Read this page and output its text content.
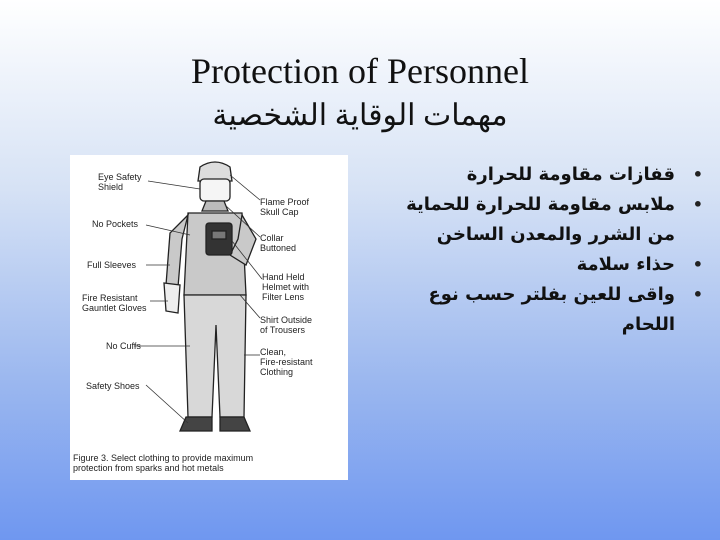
Protection of Personnel
مهمات الوقاية الشخصية
Eye Safety
Shield
No Pockets
Full Sleeves
Fire Resistant
Gauntlet Gloves
No Cuffs
Safety Shoes
Flame Proof
Skull Cap
Collar
Buttoned
Hand Held
Helmet with
Filter Lens
Shirt Outside
of Trousers
Clean,
Fire-resistant
Clothing
Figure 3. Select clothing to provide maximum
protection from sparks and hot metals
•
قفازات مقاومة للحرارة
•
ملابس مقاومة للحرارة للحماية من الشرر والمعدن الساخن
•
حذاء سلامة
•
واقى للعين بفلتر حسب نوع اللحام
